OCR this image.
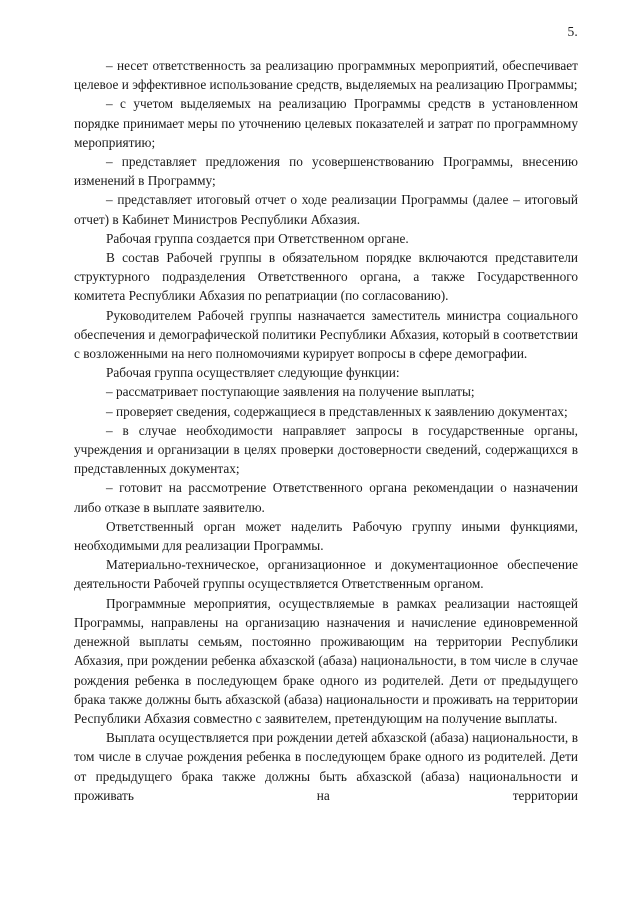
5.

– несет ответственность за реализацию программных мероприятий, обеспечивает целевое и эффективное использование средств, выделяемых на реализацию Программы;

– с учетом выделяемых на реализацию Программы средств в установленном порядке принимает меры по уточнению целевых показателей и затрат по программному мероприятию;

– представляет предложения по усовершенствованию Программы, внесению изменений в Программу;

– представляет итоговый отчет о ходе реализации Программы (далее – итоговый отчет) в Кабинет Министров Республики Абхазия.

Рабочая группа создается при Ответственном органе.

В состав Рабочей группы в обязательном порядке включаются представители структурного подразделения Ответственного органа, а также Государственного комитета Республики Абхазия по репатриации (по согласованию).

Руководителем Рабочей группы назначается заместитель министра социального обеспечения и демографической политики Республики Абхазия, который в соответствии с возложенными на него полномочиями курирует вопросы в сфере демографии.

Рабочая группа осуществляет следующие функции:

– рассматривает поступающие заявления на получение выплаты;

– проверяет сведения, содержащиеся в представленных к заявлению документах;

– в случае необходимости направляет запросы в государственные органы, учреждения и организации в целях проверки достоверности сведений, содержащихся в представленных документах;

– готовит на рассмотрение Ответственного органа рекомендации о назначении либо отказе в выплате заявителю.

Ответственный орган может наделить Рабочую группу иными функциями, необходимыми для реализации Программы.

Материально-техническое, организационное и документационное обеспечение деятельности Рабочей группы осуществляется Ответственным органом.

Программные мероприятия, осуществляемые в рамках реализации настоящей Программы, направлены на организацию назначения и начисление единовременной денежной выплаты семьям, постоянно проживающим на территории Республики Абхазия, при рождении ребенка абхазской (абаза) национальности, в том числе в случае рождения ребенка в последующем браке одного из родителей. Дети от предыдущего брака также должны быть абхазской (абаза) национальности и проживать на территории Республики Абхазия совместно с заявителем, претендующим на получение выплаты.

Выплата осуществляется при рождении детей абхазской (абаза) национальности, в том числе в случае рождения ребенка в последующем браке одного из родителей. Дети от предыдущего брака также должны быть абхазской (абаза) национальности и проживать на территории
